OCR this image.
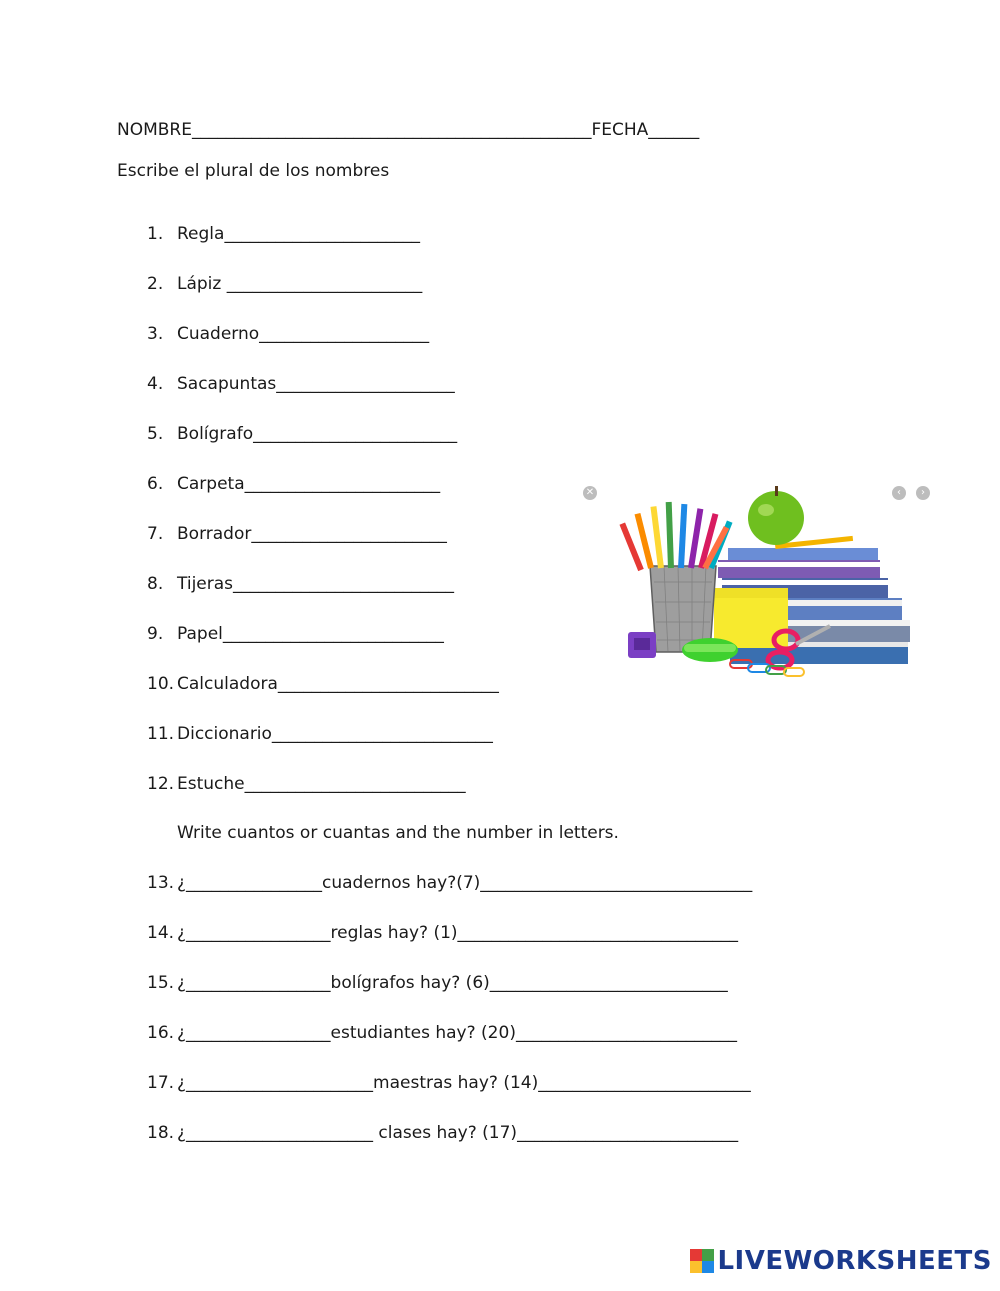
NOMBRE_______________________________________________FECHA______
Escribe el plural de los nombres
1. Regla_______________________
2. Lápiz _______________________
3. Cuaderno____________________
4. Sacapuntas_____________________
5. Bolígrafo________________________
6. Carpeta_______________________
7. Borrador_______________________
8. Tijeras__________________________
9. Papel__________________________
10. Calculadora__________________________
11. Diccionario__________________________
12. Estuche__________________________
Write cuantos or cuantas and the number in letters.
13. ¿________________cuadernos hay?(7)________________________________
14. ¿_________________reglas hay? (1)_________________________________
15. ¿_________________bolígrafos hay? (6)____________________________
16. ¿_________________estudiantes hay? (20)__________________________
17. ¿______________________maestras hay? (14)_________________________
18. ¿______________________ clases hay? (17)__________________________
✕	‹	›
LIVEWORKSHEETS
